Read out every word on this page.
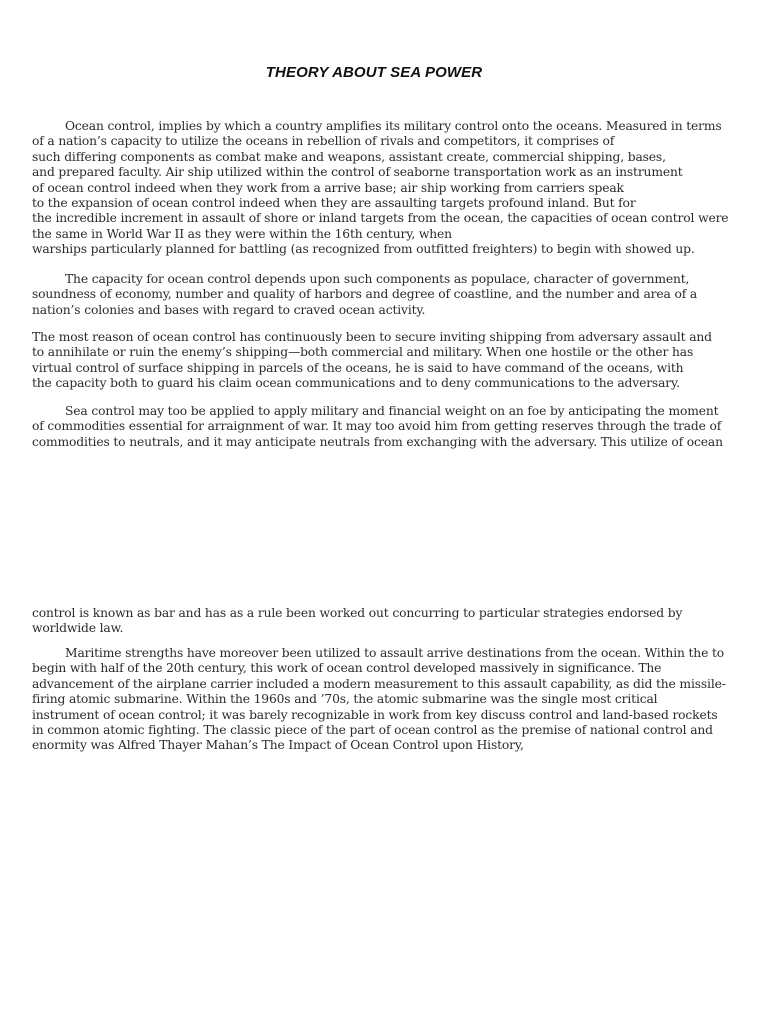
THEORY ABOUT SEA POWER
Ocean control, implies by which a country amplifies its military control onto the oceans. Measured in terms
of a nation’s capacity to utilize the oceans in rebellion of rivals and competitors, it comprises of
such differing components as combat make and weapons, assistant create, commercial shipping, bases,
and prepared faculty. Air ship utilized within the control of seaborne transportation work as an instrument
of ocean control indeed when they work from a arrive base; air ship working from carriers speak
to the expansion of ocean control indeed when they are assaulting targets profound inland. But for
the incredible increment in assault of shore or inland targets from the ocean, the capacities of ocean control were
the same in World War II as they were within the 16th century, when
warships particularly planned for battling (as recognized from outfitted freighters) to begin with showed up.
The capacity for ocean control depends upon such components as populace, character of government,
soundness of economy, number and quality of harbors and degree of coastline, and the number and area of a
nation’s colonies and bases with regard to craved ocean activity.
The most reason of ocean control has continuously been to secure inviting shipping from adversary assault and
to annihilate or ruin the enemy’s shipping—both commercial and military. When one hostile or the other has
virtual control of surface shipping in parcels of the oceans, he is said to have command of the oceans, with
the capacity both to guard his claim ocean communications and to deny communications to the adversary.
Sea control may too be applied to apply military and financial weight on an foe by anticipating the moment
of commodities essential for arraignment of war. It may too avoid him from getting reserves through the trade of
commodities to neutrals, and it may anticipate neutrals from exchanging with the adversary. This utilize of ocean
control is known as bar and has as a rule been worked out concurring to particular strategies endorsed by
worldwide law.
Maritime strengths have moreover been utilized to assault arrive destinations from the ocean. Within the to
begin with half of the 20th century, this work of ocean control developed massively in significance. The
advancement of the airplane carrier included a modern measurement to this assault capability, as did the missile-
firing atomic submarine. Within the 1960s and ’70s, the atomic submarine was the single most critical
instrument of ocean control; it was barely recognizable in work from key discuss control and land-based rockets
in common atomic fighting. The classic piece of the part of ocean control as the premise of national control and
enormity was Alfred Thayer Mahan’s The Impact of Ocean Control upon History,
